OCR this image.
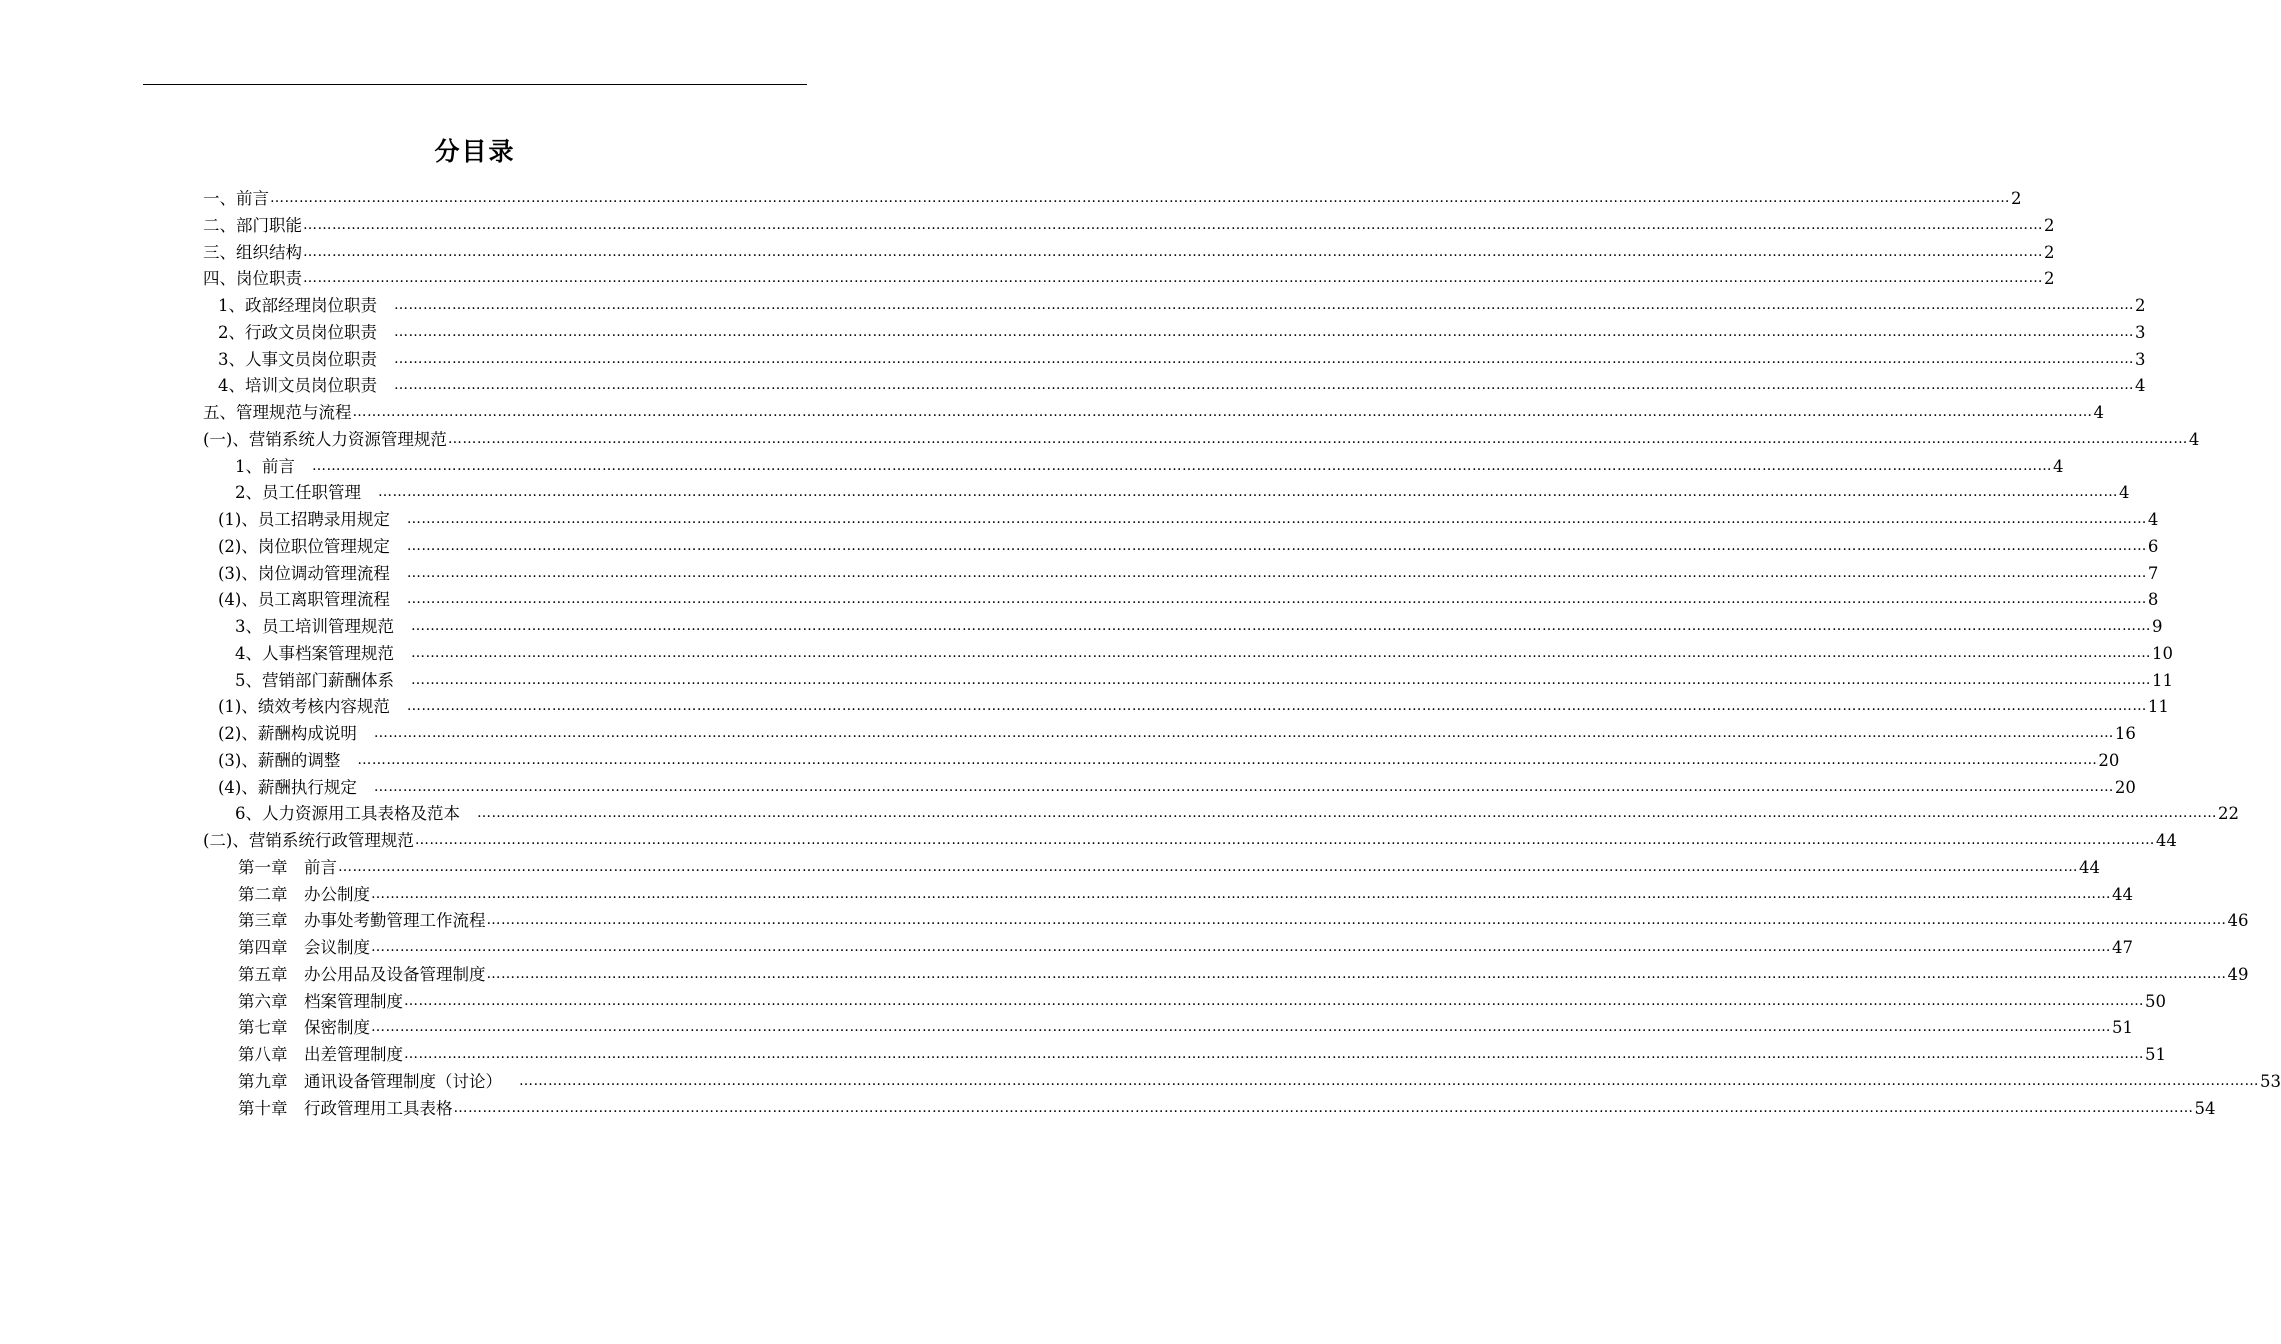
分目录
一、前言 ……………………………………………………………………………………………………………………………………………………………………………………………………………………………………………………………………………………………………………………………… 2
二、部门职能 ……………………………………………………………………………………………………………………………………………………………………………………………………………………………………………………………………………………………………………………………… 2
三、组织结构 ……………………………………………………………………………………………………………………………………………………………………………………………………………………………………………………………………………………………………………………………… 2
四、岗位职责 ……………………………………………………………………………………………………………………………………………………………………………………………………………………………………………………………………………………………………………………………… 2
1、政部经理岗位职责 ……………………………………………………………………………………………………………………………………………………………………………………………………………………………………………………………………………………………………………………………… 2
2、行政文员岗位职责 ……………………………………………………………………………………………………………………………………………………………………………………………………………………………………………………………………………………………………………………………… 3
3、人事文员岗位职责 ……………………………………………………………………………………………………………………………………………………………………………………………………………………………………………………………………………………………………………………………… 3
4、培训文员岗位职责 ……………………………………………………………………………………………………………………………………………………………………………………………………………………………………………………………………………………………………………………………… 4
五、管理规范与流程 ……………………………………………………………………………………………………………………………………………………………………………………………………………………………………………………………………………………………………………………………… 4
(一)、营销系统人力资源管理规范 ……………………………………………………………………………………………………………………………………………………………………………………………………………………………………………………………………………………………………………………………… 4
1、前言 ……………………………………………………………………………………………………………………………………………………………………………………………………………………………………………………………………………………………………………………………… 4
2、员工任职管理 ……………………………………………………………………………………………………………………………………………………………………………………………………………………………………………………………………………………………………………………………… 4
(1)、员工招聘录用规定 ……………………………………………………………………………………………………………………………………………………………………………………………………………………………………………………………………………………………………………………………… 4
(2)、岗位职位管理规定 ……………………………………………………………………………………………………………………………………………………………………………………………………………………………………………………………………………………………………………………………… 6
(3)、岗位调动管理流程 ……………………………………………………………………………………………………………………………………………………………………………………………………………………………………………………………………………………………………………………………… 7
(4)、员工离职管理流程 ……………………………………………………………………………………………………………………………………………………………………………………………………………………………………………………………………………………………………………………………… 8
3、员工培训管理规范 ……………………………………………………………………………………………………………………………………………………………………………………………………………………………………………………………………………………………………………………………… 9
4、人事档案管理规范 ……………………………………………………………………………………………………………………………………………………………………………………………………………………………………………………………………………………………………………………………… 10
5、营销部门薪酬体系 ……………………………………………………………………………………………………………………………………………………………………………………………………………………………………………………………………………………………………………………………… 11
(1)、绩效考核内容规范 ……………………………………………………………………………………………………………………………………………………………………………………………………………………………………………………………………………………………………………………………… 11
(2)、薪酬构成说明 ……………………………………………………………………………………………………………………………………………………………………………………………………………………………………………………………………………………………………………………………… 16
(3)、薪酬的调整 ……………………………………………………………………………………………………………………………………………………………………………………………………………………………………………………………………………………………………………………………… 20
(4)、薪酬执行规定 ……………………………………………………………………………………………………………………………………………………………………………………………………………………………………………………………………………………………………………………………… 20
6、人力资源用工具表格及范本 ……………………………………………………………………………………………………………………………………………………………………………………………………………………………………………………………………………………………………………………………… 22
(二)、营销系统行政管理规范 ……………………………………………………………………………………………………………………………………………………………………………………………………………………………………………………………………………………………………………………………… 44
第一章　前言 ……………………………………………………………………………………………………………………………………………………………………………………………………………………………………………………………………………………………………………………………… 44
第二章　办公制度 ……………………………………………………………………………………………………………………………………………………………………………………………………………………………………………………………………………………………………………………………… 44
第三章　办事处考勤管理工作流程 ……………………………………………………………………………………………………………………………………………………………………………………………………………………………………………………………………………………………………………………………… 46
第四章　会议制度 ……………………………………………………………………………………………………………………………………………………………………………………………………………………………………………………………………………………………………………………………… 47
第五章　办公用品及设备管理制度 ……………………………………………………………………………………………………………………………………………………………………………………………………………………………………………………………………………………………………………………………… 49
第六章　档案管理制度 ……………………………………………………………………………………………………………………………………………………………………………………………………………………………………………………………………………………………………………………………… 50
第七章　保密制度 ……………………………………………………………………………………………………………………………………………………………………………………………………………………………………………………………………………………………………………………………… 51
第八章　出差管理制度 ……………………………………………………………………………………………………………………………………………………………………………………………………………………………………………………………………………………………………………………………… 51
第九章　通讯设备管理制度（讨论） ……………………………………………………………………………………………………………………………………………………………………………………………………………………………………………………………………………………………………………………………… 53
第十章　行政管理用工具表格 ……………………………………………………………………………………………………………………………………………………………………………………………………………………………………………………………………………………………………………………………… 54
